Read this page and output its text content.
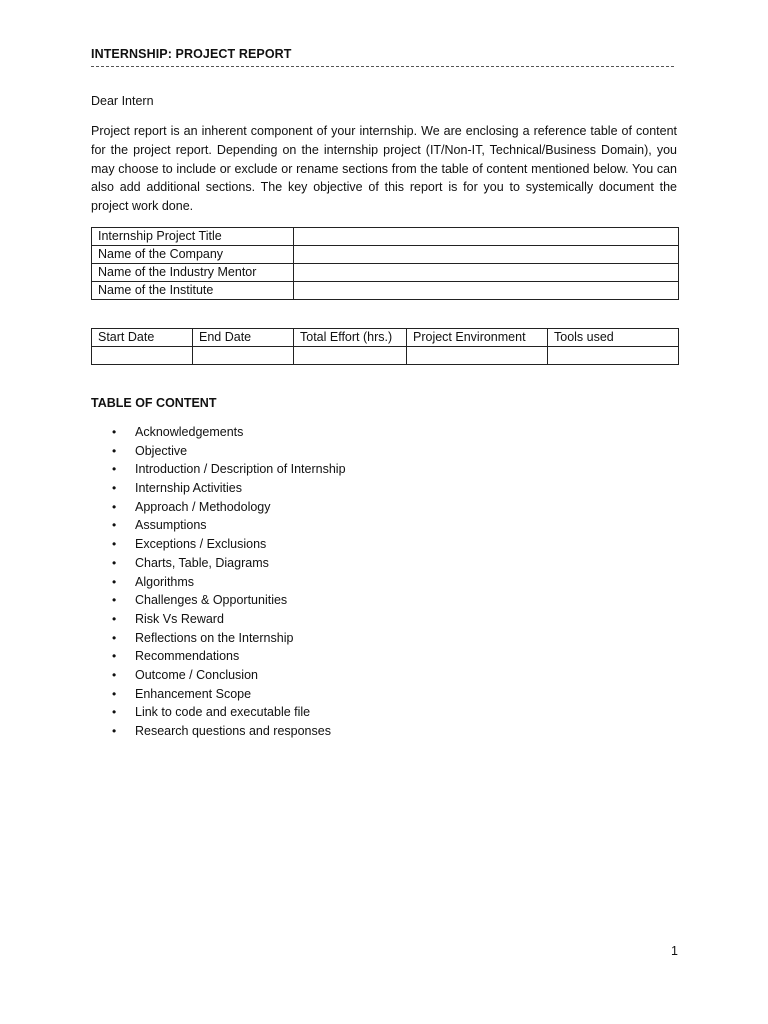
INTERNSHIP: PROJECT REPORT
Dear Intern

Project report is an inherent component of your internship. We are enclosing a reference table of content for the project report. Depending on the internship project (IT/Non-IT, Technical/Business Domain), you may choose to include or exclude or rename sections from the table of content mentioned below. You can also add additional sections. The key objective of this report is for you to systemically document the project work done.

Internship Project Title	
Name of the Company	
Name of the Industry Mentor	
Name of the Institute	
Start Date	End Date	Total Effort (hrs.)	Project Environment	Tools used

TABLE OF CONTENT
• Acknowledgements
• Objective
• Introduction / Description of Internship
• Internship Activities
• Approach / Methodology
• Assumptions
• Exceptions / Exclusions
• Charts, Table, Diagrams
• Algorithms
• Challenges & Opportunities
• Risk Vs Reward
• Reflections on the Internship
• Recommendations
• Outcome / Conclusion
• Enhancement Scope
• Link to code and executable file
• Research questions and responses
1
